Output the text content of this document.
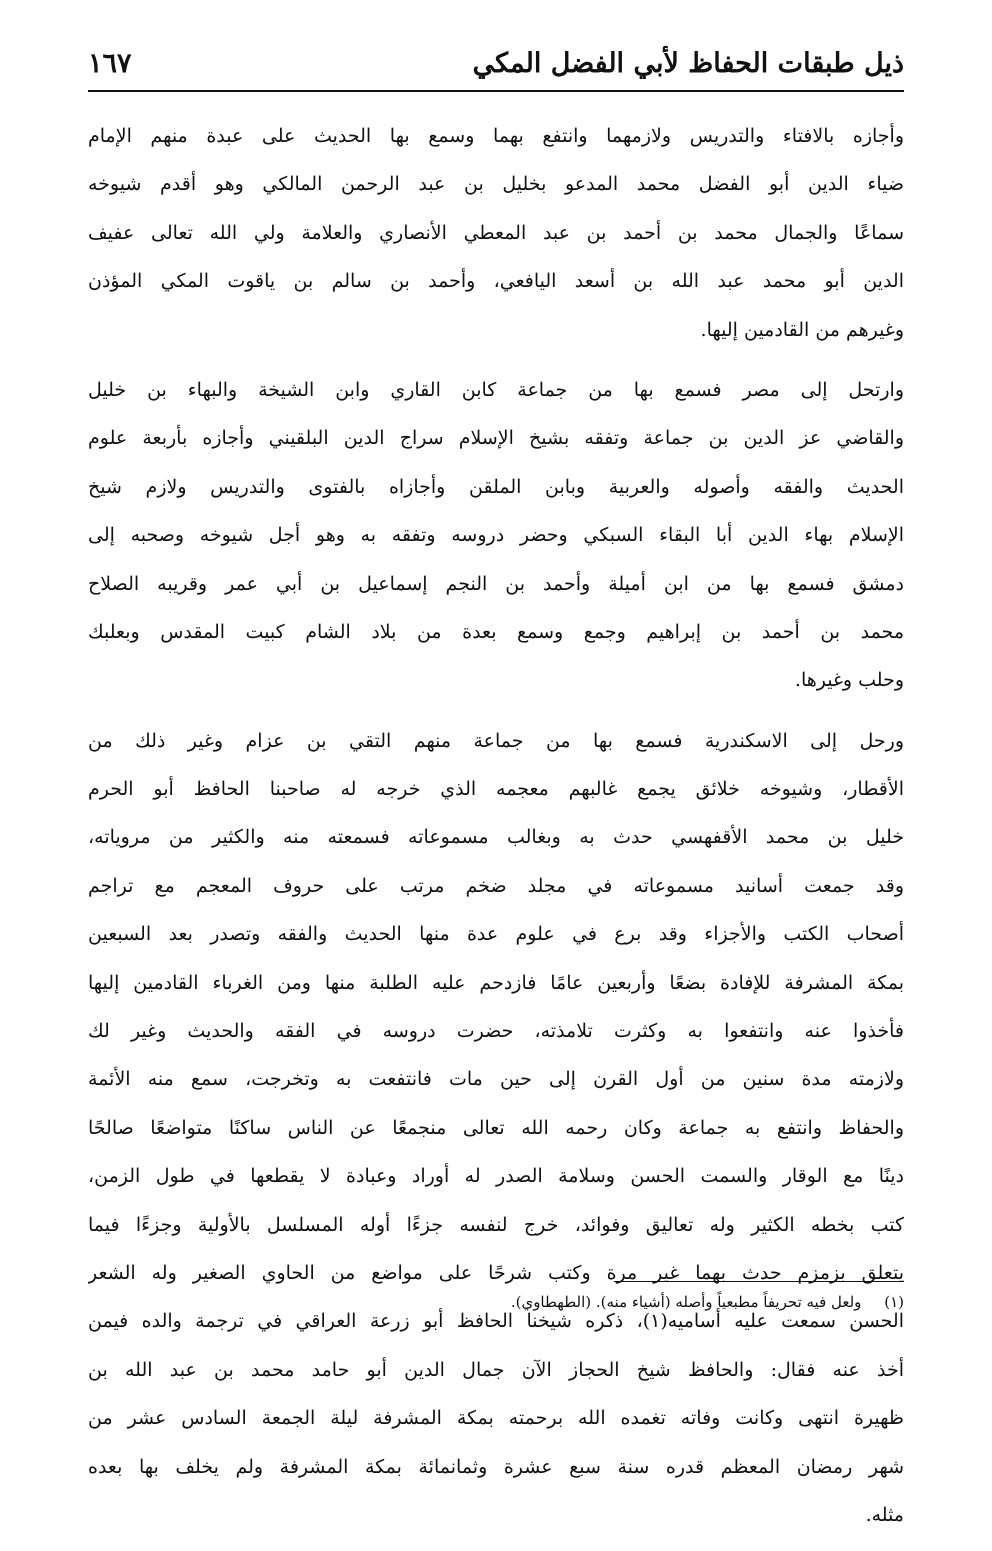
ذيل طبقات الحفاظ لأبي الفضل المكي
١٦٧
وأجازه بالافتاء والتدريس ولازمهما وانتفع بهما وسمع بها الحديث على عبدة منهم الإمام
ضياء الدين أبو الفضل محمد المدعو بخليل بن عبد الرحمن المالكي وهو أقدم شيوخه
سماعًا والجمال محمد بن أحمد بن عبد المعطي الأنصاري والعلامة ولي الله تعالى عفيف
الدين أبو محمد عبد الله بن أسعد اليافعي، وأحمد بن سالم بن ياقوت المكي المؤذن
وغيرهم من القادمين إليها.
وارتحل إلى مصر فسمع بها من جماعة كابن القاري وابن الشيخة والبهاء بن خليل
والقاضي عز الدين بن جماعة وتفقه بشيخ الإسلام سراج الدين البلقيني وأجازه بأربعة علوم
الحديث والفقه وأصوله والعربية وبابن الملقن وأجازاه بالفتوى والتدريس ولازم شيخ
الإسلام بهاء الدين أبا البقاء السبكي وحضر دروسه وتفقه به وهو أجل شيوخه وصحبه إلى
دمشق فسمع بها من ابن أميلة وأحمد بن النجم إسماعيل بن أبي عمر وقريبه الصلاح
محمد بن أحمد بن إبراهيم وجمع وسمع بعدة من بلاد الشام كبيت المقدس وبعلبك
وحلب وغيرها.
ورحل إلى الاسكندرية فسمع بها من جماعة منهم التقي بن عزام وغير ذلك من
الأقطار، وشيوخه خلائق يجمع غالبهم معجمه الذي خرجه له صاحبنا الحافظ أبو الحرم
خليل بن محمد الأقفهسي حدث به وبغالب مسموعاته فسمعته منه والكثير من مروياته،
وقد جمعت أسانيد مسموعاته في مجلد ضخم مرتب على حروف المعجم مع تراجم
أصحاب الكتب والأجزاء وقد برع في علوم عدة منها الحديث والفقه وتصدر بعد السبعين
بمكة المشرفة للإفادة بضعًا وأربعين عامًا فازدحم عليه الطلبة منها ومن الغرباء القادمين إليها
فأخذوا عنه وانتفعوا به وكثرت تلامذته، حضرت دروسه في الفقه والحديث وغير لك
ولازمته مدة سنين من أول القرن إلى حين مات فانتفعت به وتخرجت، سمع منه الأئمة
والحفاظ وانتفع به جماعة وكان رحمه الله تعالى منجمعًا عن الناس ساكنًا متواضعًا صالحًا
دينًا مع الوقار والسمت الحسن وسلامة الصدر له أوراد وعبادة لا يقطعها في طول الزمن،
كتب بخطه الكثير وله تعاليق وفوائد، خرج لنفسه جزءًا أوله المسلسل بالأولية وجزءًا فيما
يتعلق بزمزم حدث بهما غير مرة وكتب شرحًا على مواضع من الحاوي الصغير وله الشعر
الحسن سمعت عليه أساميه(١)، ذكره شيخنا الحافظ أبو زرعة العراقي في ترجمة والده فيمن
أخذ عنه فقال: والحافظ شيخ الحجاز الآن جمال الدين أبو حامد محمد بن عبد الله بن
ظهيرة انتهى وكانت وفاته تغمده الله برحمته بمكة المشرفة ليلة الجمعة السادس عشر من
شهر رمضان المعظم قدره سنة سبع عشرة وثمانمائة بمكة المشرفة ولم يخلف بها بعده
مثله.
(١) ولعل فيه تحريفاً مطبعياً وأصله (أشياء منه). (الطهطاوي).
